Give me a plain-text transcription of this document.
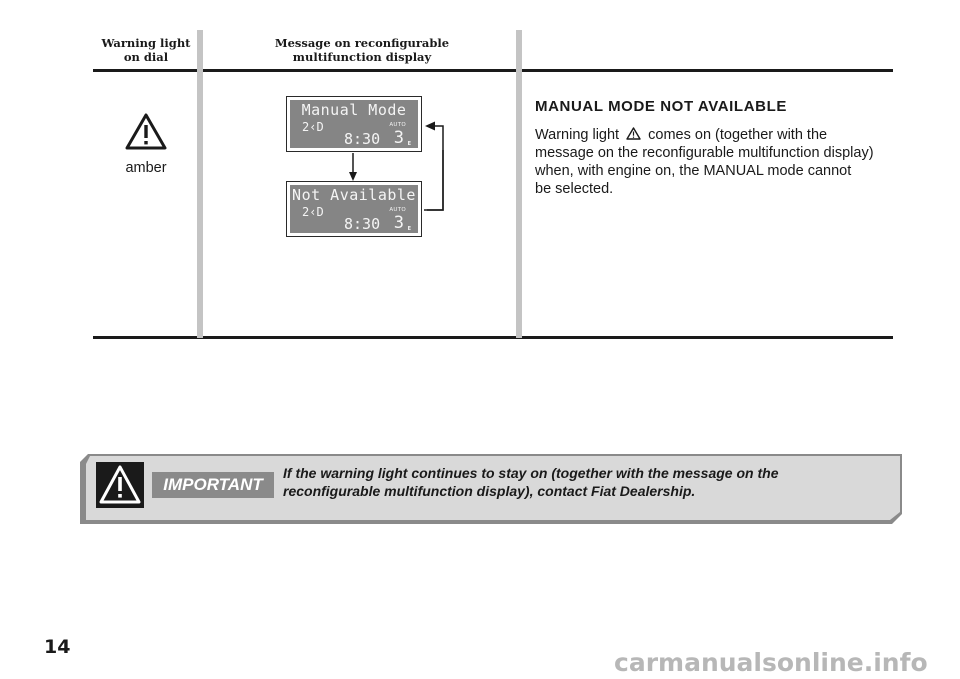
Warning light
on dial
Message on reconfigurable
multifunction display
amber
Manual Mode
2‹D	AUTO
8:30 3 E
Not Available
2‹D	AUTO
8:30 3 E
MANUAL MODE NOT AVAILABLE
Warning light comes on (together with the
message on the reconfigurable multifunction display)
when, with engine on, the MANUAL mode cannot
be selected.
IMPORTANT
If the warning light continues to stay on (together with the message on the
reconfigurable multifunction display), contact Fiat Dealership.
14
carmanualsonline.info
